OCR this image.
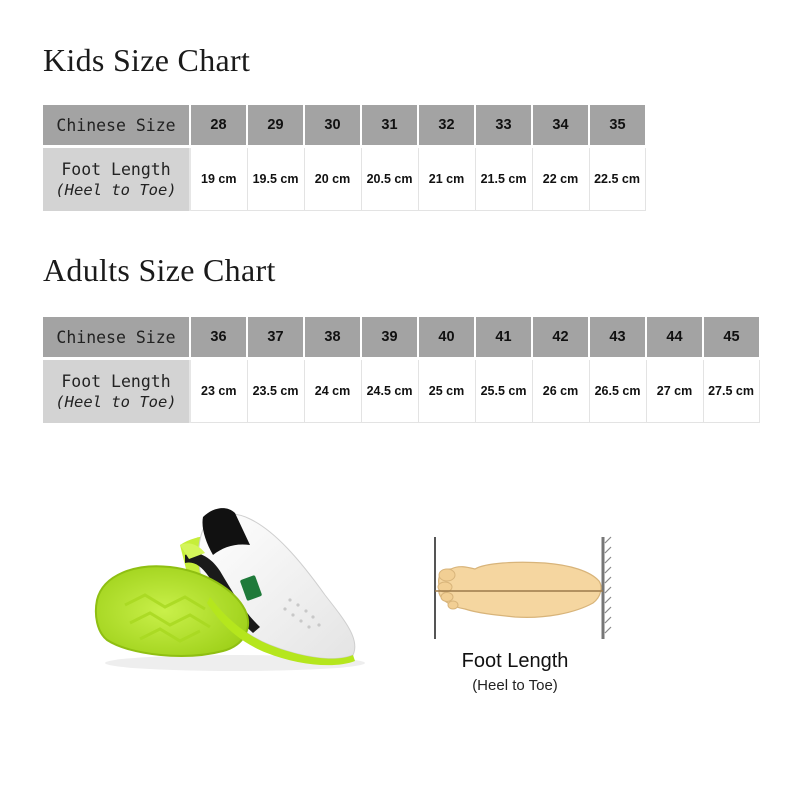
Kids Size Chart
Chinese Size	28	29	30	31	32	33	34	35
Foot Length
(Heel to Toe)	19 cm	19.5 cm	20 cm	20.5 cm	21 cm	21.5 cm	22 cm	22.5 cm
Adults Size Chart
Chinese Size	36	37	38	39	40	41	42	43	44	45
Foot Length
(Heel to Toe)	23 cm	23.5 cm	24 cm	24.5 cm	25 cm	25.5 cm	26 cm	26.5 cm	27 cm	27.5 cm
Foot Length
(Heel to Toe)
